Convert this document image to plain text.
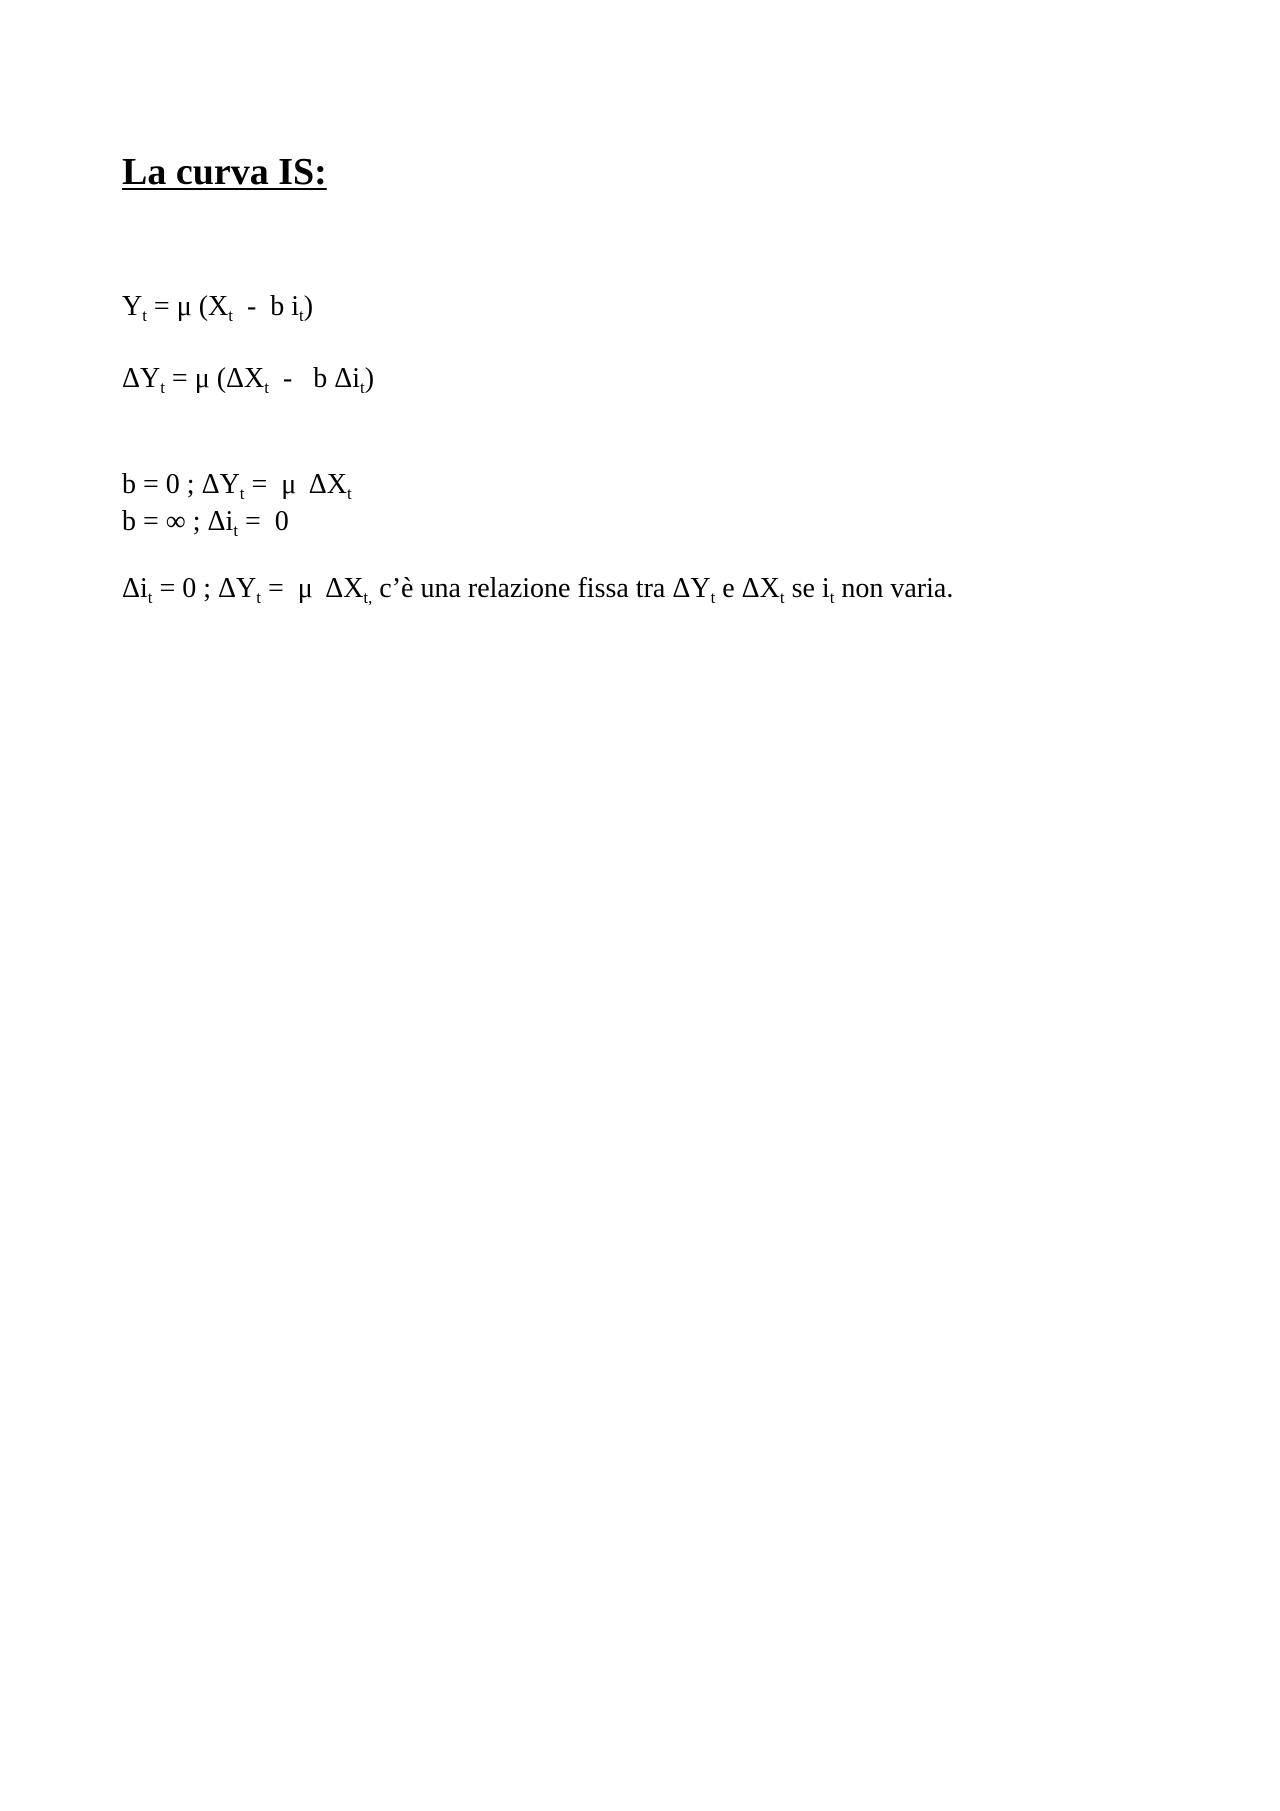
La curva IS:
$Y_t = \mu$ ($X_t$  -  b $i_t$)
$\Delta Y_t = \mu$ ($\Delta X_t$  -   b $\Delta i_t$)
b = 0 ; $\Delta Y_t = \mu$  $\Delta X_t$
b = ∞ ; $\Delta i_t = 0$
$\Delta i_t = 0$ ; $\Delta Y_t = \mu$  $\Delta X_{t,}$ c’è una relazione fissa tra $\Delta Y_t$ e $\Delta X_t$ se $i_t$ non varia.
